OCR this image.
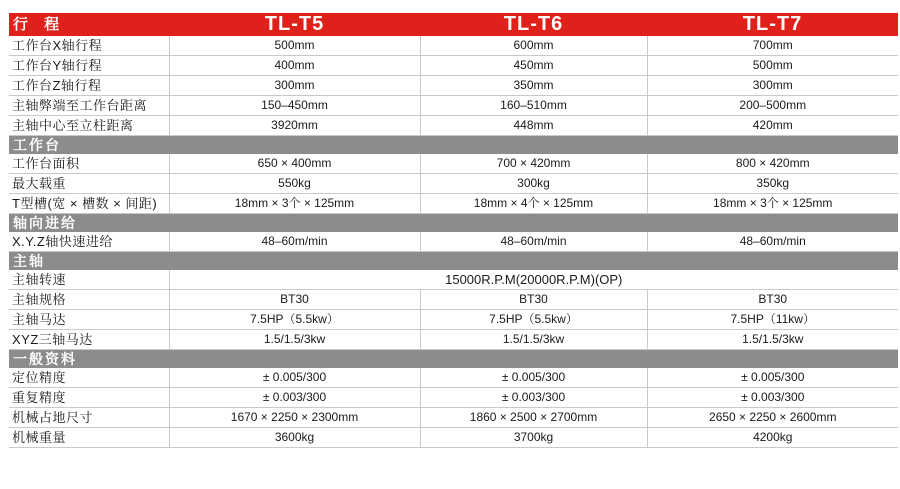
行 程	TL-T5	TL-T6	TL-T7
工作台X轴行程	500mm	600mm	700mm
工作台Y轴行程	400mm	450mm	500mm
工作台Z轴行程	300mm	350mm	300mm
主轴弊端至工作台距离	150–450mm	160–510mm	200–500mm
主轴中心至立柱距离	3920mm	448mm	420mm
工作台			
工作台面积	650 × 400mm	700 × 420mm	800 × 420mm
最大载重	550kg	300kg	350kg
T型槽(宽 × 槽数 × 间距)	18mm × 3个 × 125mm	18mm × 4个 × 125mm	18mm × 3个 × 125mm
轴向进给			
X.Y.Z轴快速进给	48–60m/min	48–60m/min	48–60m/min
主轴			
主轴转速	15000R.P.M(20000R.P.M)(OP)		
主轴规格	BT30	BT30	BT30
主轴马达	7.5HP（5.5kw）	7.5HP（5.5kw）	7.5HP（11kw）
XYZ三轴马达	1.5/1.5/3kw	1.5/1.5/3kw	1.5/1.5/3kw
一般资料			
定位精度	± 0.005/300	± 0.005/300	± 0.005/300
重复精度	± 0.003/300	± 0.003/300	± 0.003/300
机械占地尺寸	1670 × 2250 × 2300mm	1860 × 2500 × 2700mm	2650 × 2250 × 2600mm
机械重量	3600kg	3700kg	4200kg
